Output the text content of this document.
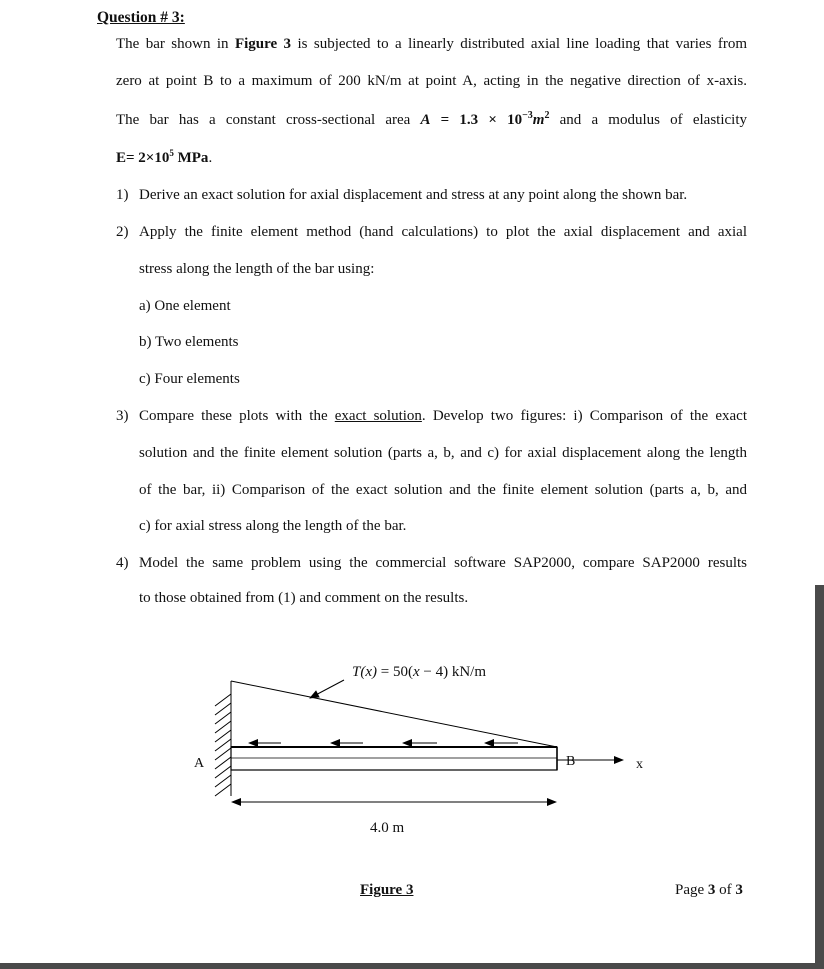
Question # 3:
The bar shown in Figure 3 is subjected to a linearly distributed axial line loading that varies from
zero at point B to a maximum of 200 kN/m at point A, acting in the negative direction of x-axis.
The bar has a constant cross-sectional area $A = 1.3 \times 10^{-3}m^2$ and a modulus of elasticity
$E= 2\times 10^5$ MPa.
1) Derive an exact solution for axial displacement and stress at any point along the shown bar.
2) Apply the finite element method (hand calculations) to plot the axial displacement and axial
stress along the length of the bar using:
a) One element
b) Two elements
c) Four elements
3) Compare these plots with the exact solution. Develop two figures: i) Comparison of the exact
solution and the finite element solution (parts a, b, and c) for axial displacement along the length
of the bar, ii) Comparison of the exact solution and the finite element solution (parts a, b, and
c) for axial stress along the length of the bar.
4) Model the same problem using the commercial software SAP2000, compare SAP2000 results
to those obtained from (1) and comment on the results.
T(x) = 50(x − 4) kN/m
A	B	x
4.0 m
Figure 3	Page 3 of 3
